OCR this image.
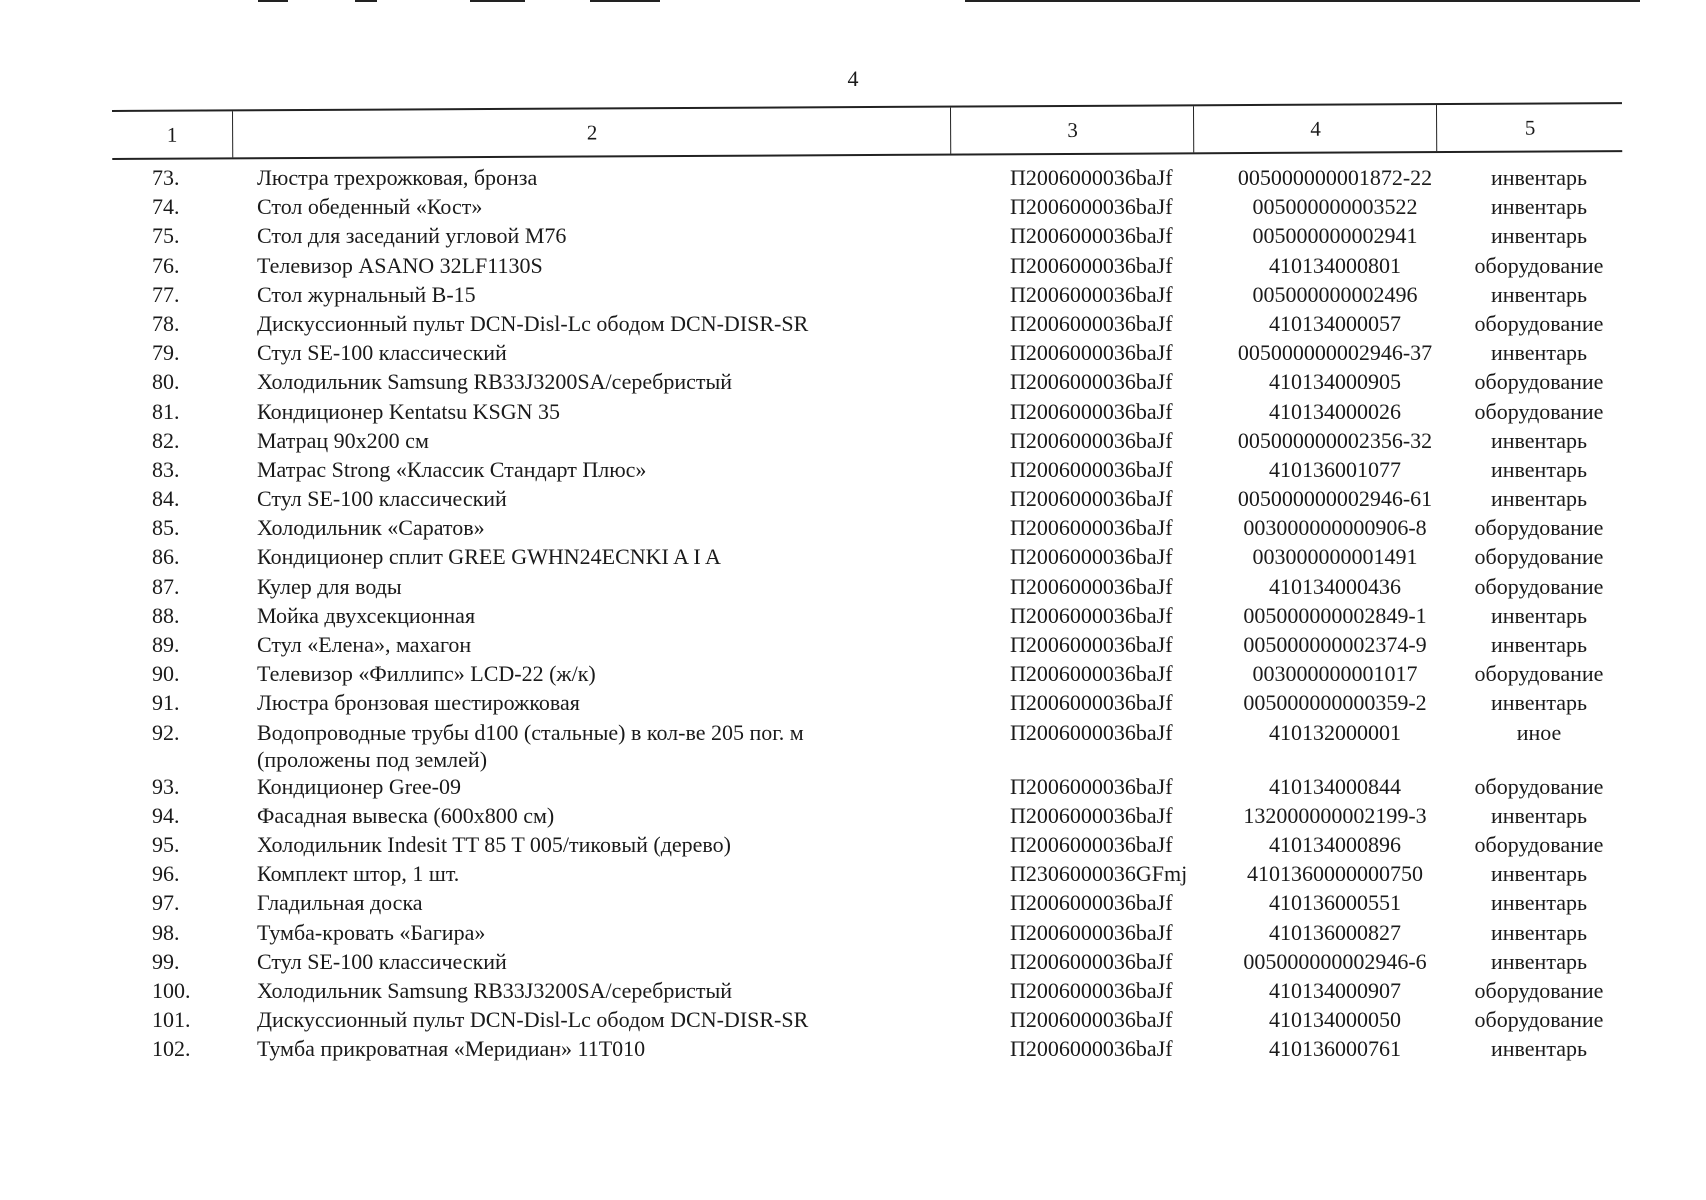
4
1	2	3	4	5
73.	Люстра трехрожковая, бронза	П2006000036baJf	005000000001872-22	инвентарь
74.	Стол обеденный «Кост»	П2006000036baJf	005000000003522	инвентарь
75.	Стол для заседаний угловой М76	П2006000036baJf	005000000002941	инвентарь
76.	Телевизор ASANO 32LF1130S	П2006000036baJf	410134000801	оборудование
77.	Стол журнальный В-15	П2006000036baJf	005000000002496	инвентарь
78.	Дискуссионный пульт DCN-Disl-Lc ободом DCN-DISR-SR	П2006000036baJf	410134000057	оборудование
79.	Стул SE-100 классический	П2006000036baJf	005000000002946-37	инвентарь
80.	Холодильник Samsung RB33J3200SA/серебристый	П2006000036baJf	410134000905	оборудование
81.	Кондиционер Kentatsu KSGN 35	П2006000036baJf	410134000026	оборудование
82.	Матрац 90х200 см	П2006000036baJf	005000000002356-32	инвентарь
83.	Матрас Strong «Классик Стандарт Плюс»	П2006000036baJf	410136001077	инвентарь
84.	Стул SE-100 классический	П2006000036baJf	005000000002946-61	инвентарь
85.	Холодильник «Саратов»	П2006000036baJf	003000000000906-8	оборудование
86.	Кондиционер сплит GREE GWHN24ECNKI A I A	П2006000036baJf	003000000001491	оборудование
87.	Кулер для воды	П2006000036baJf	410134000436	оборудование
88.	Мойка двухсекционная	П2006000036baJf	005000000002849-1	инвентарь
89.	Стул «Елена», махагон	П2006000036baJf	005000000002374-9	инвентарь
90.	Телевизор «Филлипс» LCD-22 (ж/к)	П2006000036baJf	003000000001017	оборудование
91.	Люстра бронзовая шестирожковая	П2006000036baJf	005000000000359-2	инвентарь
92.	Водопроводные трубы d100 (стальные) в кол-ве 205 пог. м	П2006000036baJf	410132000001	иное
(проложены под землей)
93.	Кондиционер Gree-09	П2006000036baJf	410134000844	оборудование
94.	Фасадная вывеска (600х800 см)	П2006000036baJf	132000000002199-3	инвентарь
95.	Холодильник Indesit TT 85 T 005/тиковый (дерево)	П2006000036baJf	410134000896	оборудование
96.	Комплект штор, 1 шт.	П2306000036GFmj	4101360000000750	инвентарь
97.	Гладильная доска	П2006000036baJf	410136000551	инвентарь
98.	Тумба-кровать «Багира»	П2006000036baJf	410136000827	инвентарь
99.	Стул SE-100 классический	П2006000036baJf	005000000002946-6	инвентарь
100.	Холодильник Samsung RB33J3200SA/серебристый	П2006000036baJf	410134000907	оборудование
101.	Дискуссионный пульт DCN-Disl-Lc ободом DCN-DISR-SR	П2006000036baJf	410134000050	оборудование
102.	Тумба прикроватная «Меридиан» 11T010	П2006000036baJf	410136000761	инвентарь
